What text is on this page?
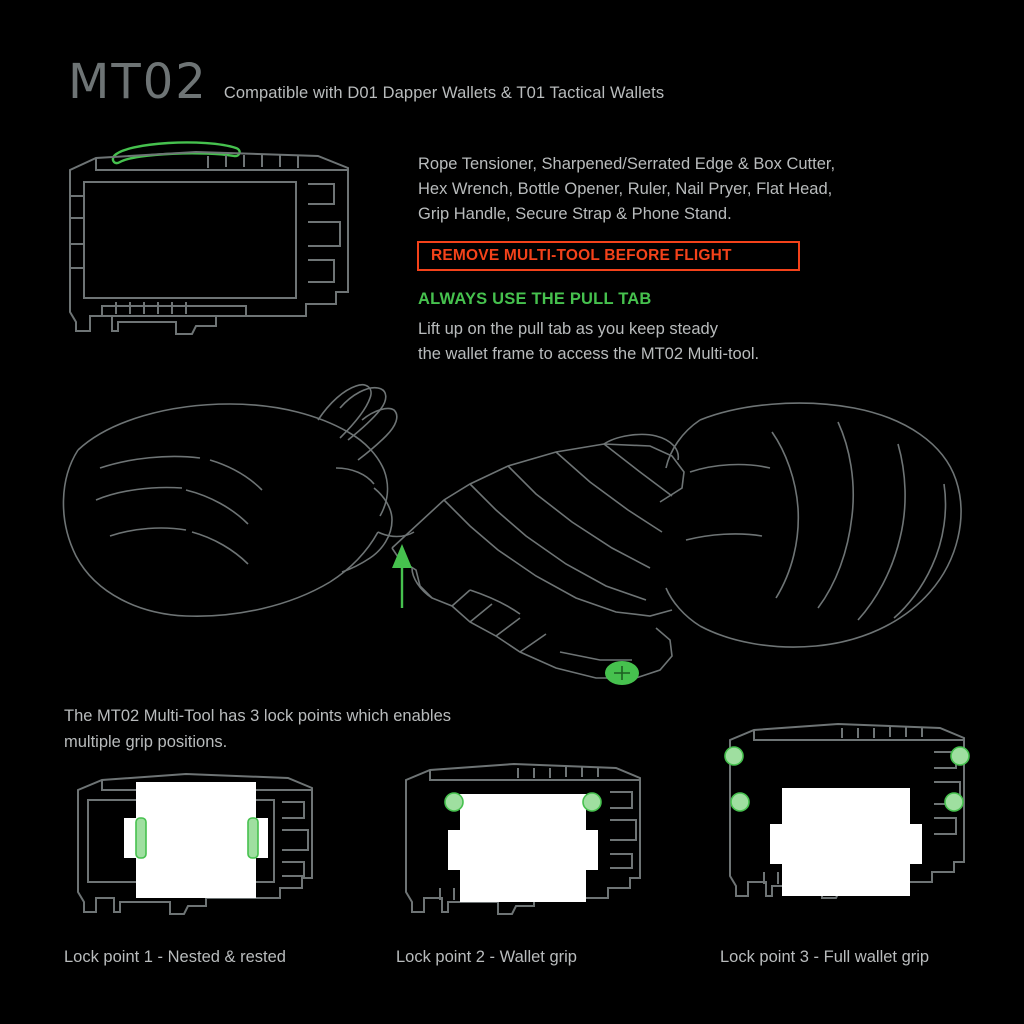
MT02 Compatible with D01 Dapper Wallets & T01 Tactical Wallets
Rope Tensioner, Sharpened/Serrated Edge & Box Cutter,
Hex Wrench, Bottle Opener, Ruler, Nail Pryer, Flat Head,
Grip Handle, Secure Strap & Phone Stand.
REMOVE MULTI-TOOL BEFORE FLIGHT
ALWAYS USE THE PULL TAB
Lift up on the pull tab as you keep steady
the wallet frame to access the MT02 Multi-tool.
The MT02 Multi-Tool has 3 lock points which enables
multiple grip positions.
Lock point 1 - Nested & rested	Lock point 2 - Wallet grip	Lock point 3 - Full wallet grip
